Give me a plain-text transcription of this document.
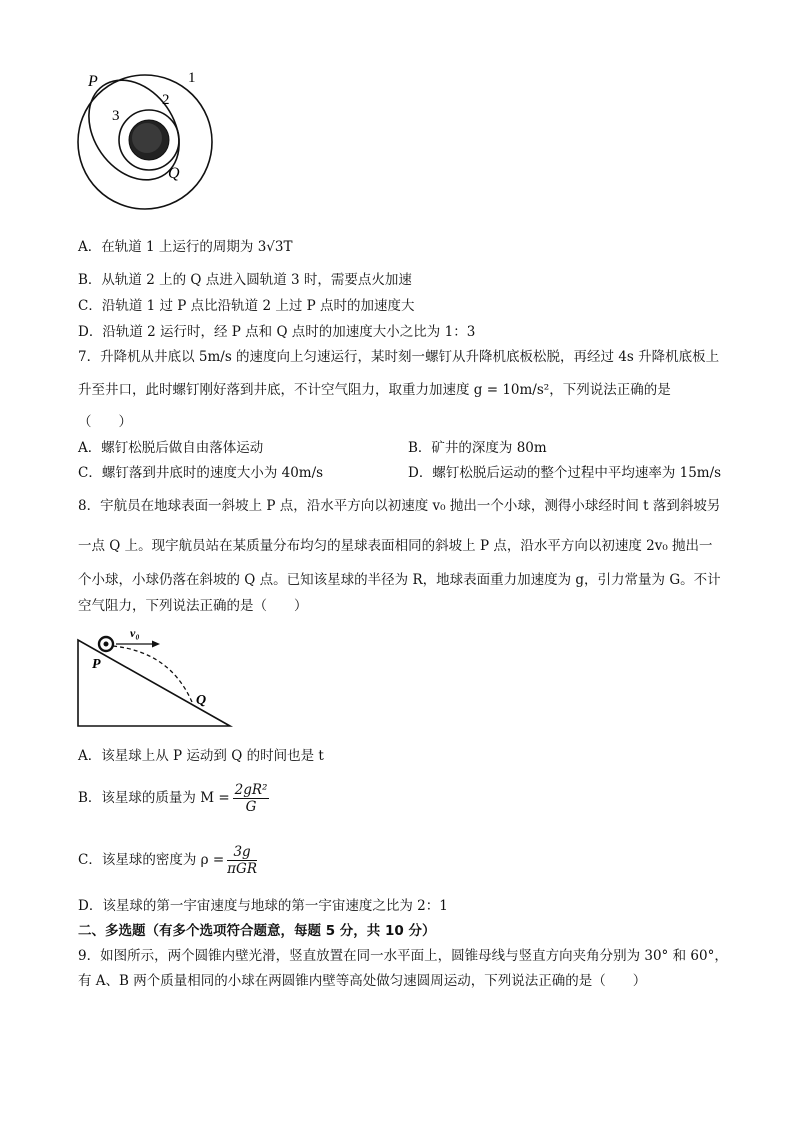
P	1
2
3
Q
A．在轨道 1 上运行的周期为 3√3T
B．从轨道 2 上的 Q 点进入圆轨道 3 时，需要点火加速
C．沿轨道 1 过 P 点比沿轨道 2 上过 P 点时的加速度大
D．沿轨道 2 运行时，经 P 点和 Q 点时的加速度大小之比为 1：3
7．升降机从井底以 5m/s 的速度向上匀速运行，某时刻一螺钉从升降机底板松脱，再经过 4s 升降机底板上
升至井口，此时螺钉刚好落到井底，不计空气阻力，取重力加速度 g = 10m/s²，下列说法正确的是
（　　）
A．螺钉松脱后做自由落体运动	B．矿井的深度为 80m
C．螺钉落到井底时的速度大小为 40m/s	D．螺钉松脱后运动的整个过程中平均速率为 15m/s
8．宇航员在地球表面一斜坡上 P 点，沿水平方向以初速度 v₀ 抛出一个小球，测得小球经时间 t 落到斜坡另
一点 Q 上。现宇航员站在某质量分布均匀的星球表面相同的斜坡上 P 点，沿水平方向以初速度 2v₀ 抛出一
个小球，小球仍落在斜坡的 Q 点。已知该星球的半径为 R，地球表面重力加速度为 g，引力常量为 G。不计
空气阻力，下列说法正确的是（　　）
v₀
P
Q
A．该星球上从 P 运动到 Q 的时间也是 t
B．该星球的质量为 $M = \frac{\text{2gR²}}{G}$
C．该星球的密度为 $\rho = \frac{3g}{\text{πGR}}$
D．该星球的第一宇宙速度与地球的第一宇宙速度之比为 2：1
二、多选题（有多个选项符合题意，每题 5 分，共 10 分）
9．如图所示，两个圆锥内壁光滑，竖直放置在同一水平面上，圆锥母线与竖直方向夹角分别为 30° 和 60°，
有 A、B 两个质量相同的小球在两圆锥内壁等高处做匀速圆周运动，下列说法正确的是（　　）
